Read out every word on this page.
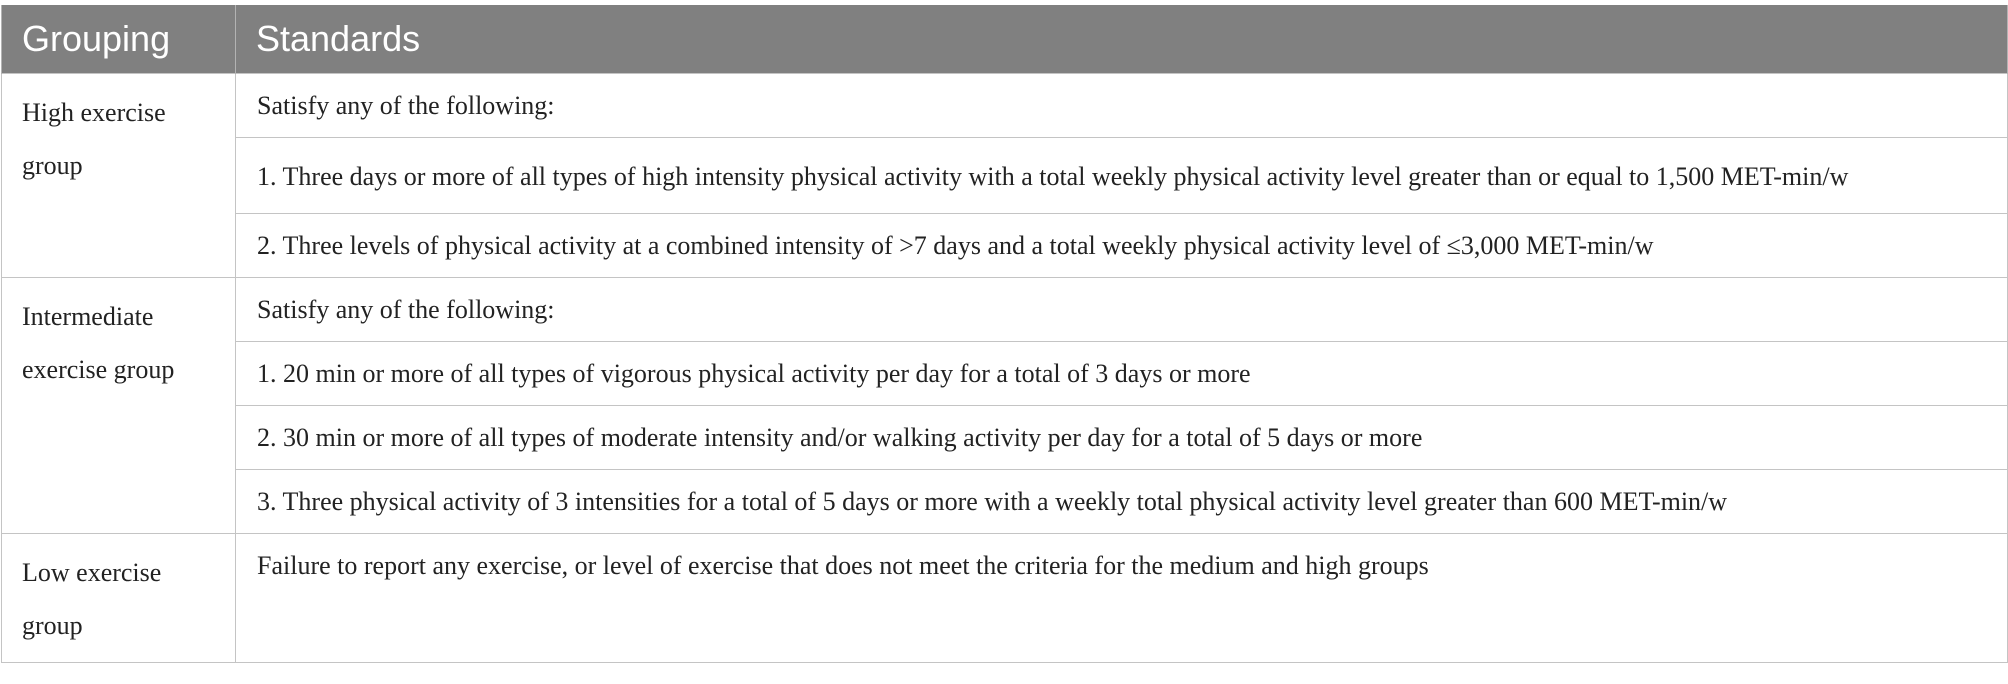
Grouping	Standards
High exercise group	Satisfy any of the following:
	1. Three days or more of all types of high intensity physical activity with a total weekly physical activity level greater than or equal to 1,500 MET-min/w
	2. Three levels of physical activity at a combined intensity of >7 days and a total weekly physical activity level of ≤3,000 MET-min/w
Intermediate exercise group	Satisfy any of the following:
	1. 20 min or more of all types of vigorous physical activity per day for a total of 3 days or more
	2. 30 min or more of all types of moderate intensity and/or walking activity per day for a total of 5 days or more
	3. Three physical activity of 3 intensities for a total of 5 days or more with a weekly total physical activity level greater than 600 MET-min/w
Low exercise group	Failure to report any exercise, or level of exercise that does not meet the criteria for the medium and high groups
